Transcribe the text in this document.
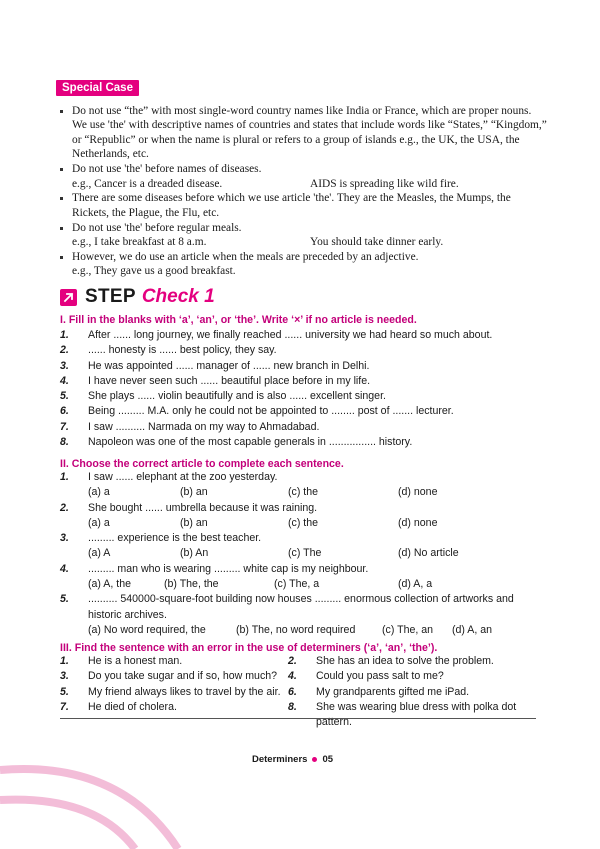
Special Case
Do not use “the” with most single-word country names like India or France, which are proper nouns. We use 'the' with descriptive names of countries and states that include words like “States,” “Kingdom,” or “Republic” or when the name is plural or refers to a group of islands e.g., the UK, the USA, the Netherlands, etc.
Do not use 'the' before names of diseases.
e.g., Cancer is a dreaded disease.	AIDS is spreading like wild fire.
There are some diseases before which we use article 'the'. They are the Measles, the Mumps, the Rickets, the Plague, the Flu, etc.
Do not use 'the' before regular meals.
e.g., I take breakfast at 8 a.m.	You should take dinner early.
However, we do use an article when the meals are preceded by an adjective.
e.g., They gave us a good breakfast.
STEP Check 1
I. Fill in the blanks with ‘a’, ‘an’, or ‘the’. Write ‘×’ if no article is needed.
1.	After ...... long journey, we finally reached ...... university we had heard so much about.
2.	...... honesty is ...... best policy, they say.
3.	He was appointed ...... manager of ...... new branch in Delhi.
4.	I have never seen such ...... beautiful place before in my life.
5.	She plays ...... violin beautifully and is also ...... excellent singer.
6.	Being ......... M.A. only he could not be appointed to ........ post of ....... lecturer.
7.	I saw .......... Narmada on my way to Ahmadabad.
8.	Napoleon was one of the most capable generals in ................ history.
II. Choose the correct article to complete each sentence.
1.	I saw ...... elephant at the zoo yesterday.
(a) a	(b) an	(c) the	(d) none
2.	She bought ...... umbrella because it was raining.
(a) a	(b) an	(c) the	(d) none
3.	......... experience is the best teacher.
(a) A	(b) An	(c) The	(d) No article
4.	......... man who is wearing ......... white cap is my neighbour.
(a) A, the	(b) The, the	(c) The, a	(d) A, a
5.	.......... 540000-square-foot building now houses ......... enormous collection of artworks and historic archives.
(a) No word required, the	(b) The, no word required	(c) The, an	(d) A, an
III. Find the sentence with an error in the use of determiners (‘a’, ‘an’, ‘the’).
1.	He is a honest man.	2.	She has an idea to solve the problem.
3.	Do you take sugar and if so, how much? 4.	Could you pass salt to me?
5.	My friend always likes to travel by the air. 6.	My grandparents gifted me iPad.
7.	He died of cholera.	8.	She was wearing blue dress with polka dot pattern.
Determiners 05
